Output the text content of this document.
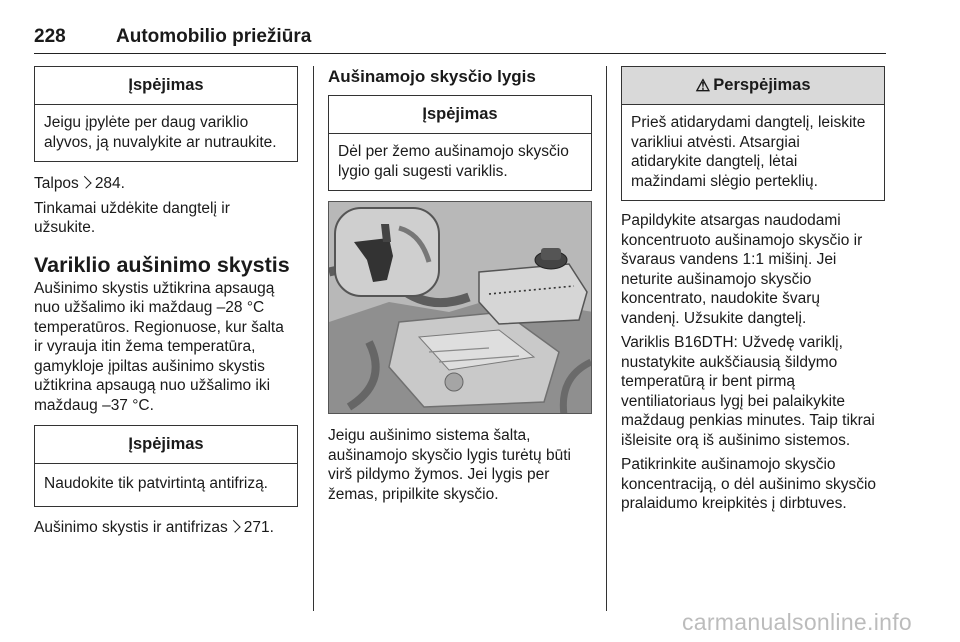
228	Automobilio priežiūra
Įspėjimas
Jeigu įpylėte per daug variklio
alyvos, ją nuvalykite ar nutraukite.

Talpos 284.

Tinkamai uždėkite dangtelį ir
užsukite.

Variklio aušinimo skystis

Aušinimo skystis užtikrina apsaugą
nuo užšalimo iki maždaug –28 °C
temperatūros. Regionuose, kur šalta
ir vyrauja itin žema temperatūra,
gamykloje įpiltas aušinimo skystis
užtikrina apsaugą nuo užšalimo iki
maždaug –37 °C.

Įspėjimas
Naudokite tik patvirtintą antifrizą.

Aušinimo skystis ir antifrizas 271.

Aušinamojo skysčio lygis
Įspėjimas
Dėl per žemo aušinamojo skysčio
lygio gali sugesti variklis.

Jeigu aušinimo sistema šalta,
aušinamojo skysčio lygis turėtų būti
virš pildymo žymos. Jei lygis per
žemas, pripilkite skysčio.

⚠ Perspėjimas
Prieš atidarydami dangtelį, leiskite
varikliui atvėsti. Atsargiai
atidarykite dangtelį, lėtai
mažindami slėgio perteklių.

Papildykite atsargas naudodami
koncentruoto aušinamojo skysčio ir
švaraus vandens 1:1 mišinį. Jei
neturite aušinamojo skysčio
koncentrato, naudokite švarų
vandenį. Užsukite dangtelį.

Variklis B16DTH: Užvedę variklį,
nustatykite aukščiausią šildymo
temperatūrą ir bent pirmą
ventiliatoriaus lygį bei palaikykite
maždaug penkias minutes. Taip tikrai
išleisite orą iš aušinimo sistemos.

Patikrinkite aušinamojo skysčio
koncentraciją, o dėl aušinimo skysčio
pralaidumo kreipkitės į dirbtuves.

carmanualsonline.info
